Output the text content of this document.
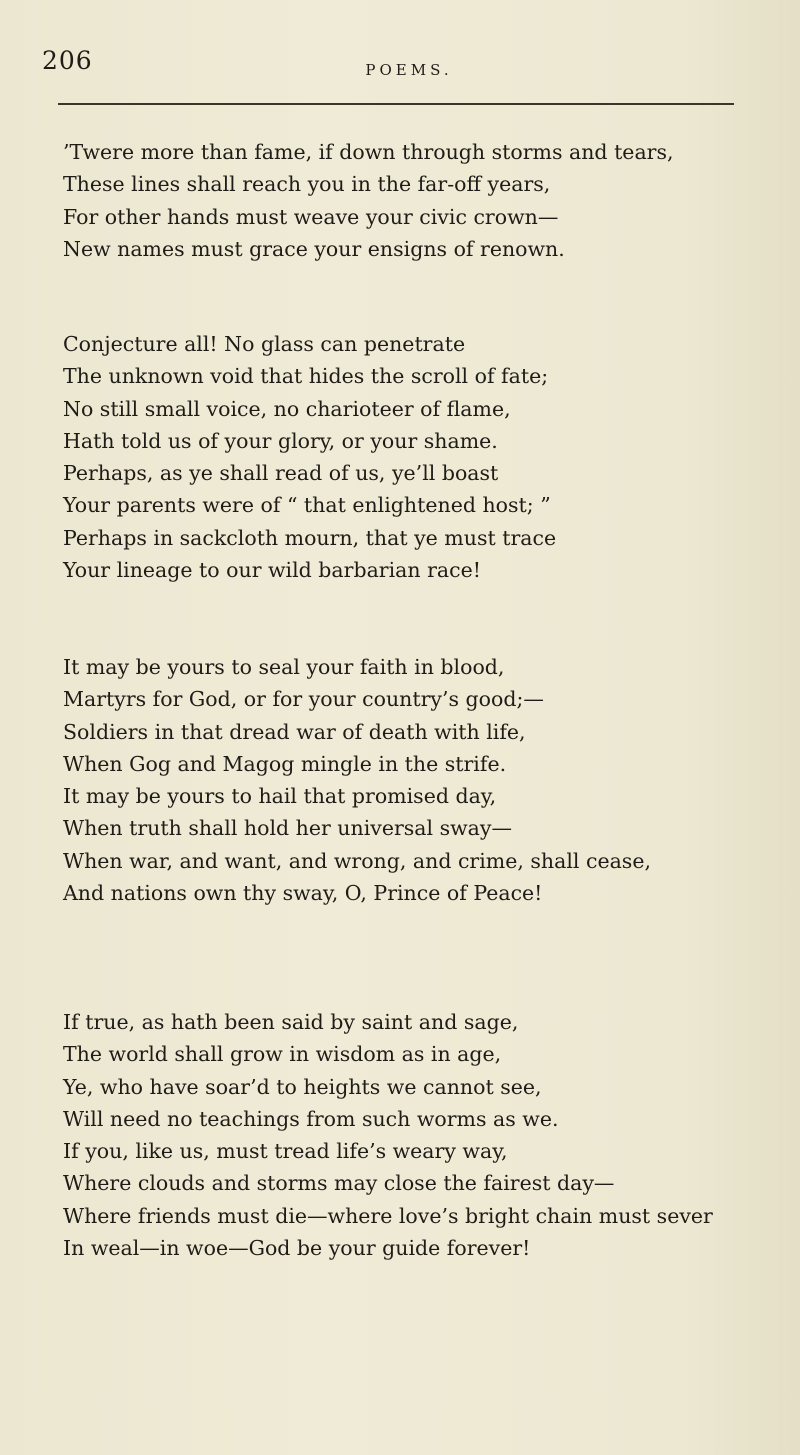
206	POEMS.
’Twere more than fame, if down through storms and tears,
These lines shall reach you in the far-off years,
For other hands must weave your civic crown—
New names must grace your ensigns of renown.
Conjecture all! No glass can penetrate
The unknown void that hides the scroll of fate;
No still small voice, no charioteer of flame,
Hath told us of your glory, or your shame.
Perhaps, as ye shall read of us, ye’ll boast
Your parents were of “ that enlightened host; ”
Perhaps in sackcloth mourn, that ye must trace
Your lineage to our wild barbarian race!
It may be yours to seal your faith in blood,
Martyrs for God, or for your country’s good;—
Soldiers in that dread war of death with life,
When Gog and Magog mingle in the strife.
It may be yours to hail that promised day,
When truth shall hold her universal sway—
When war, and want, and wrong, and crime, shall cease,
And nations own thy sway, O, Prince of Peace!
If true, as hath been said by saint and sage,
The world shall grow in wisdom as in age,
Ye, who have soar’d to heights we cannot see,
Will need no teachings from such worms as we.
If you, like us, must tread life’s weary way,
Where clouds and storms may close the fairest day—
Where friends must die—where love’s bright chain must sever
In weal—in woe—God be your guide forever!
